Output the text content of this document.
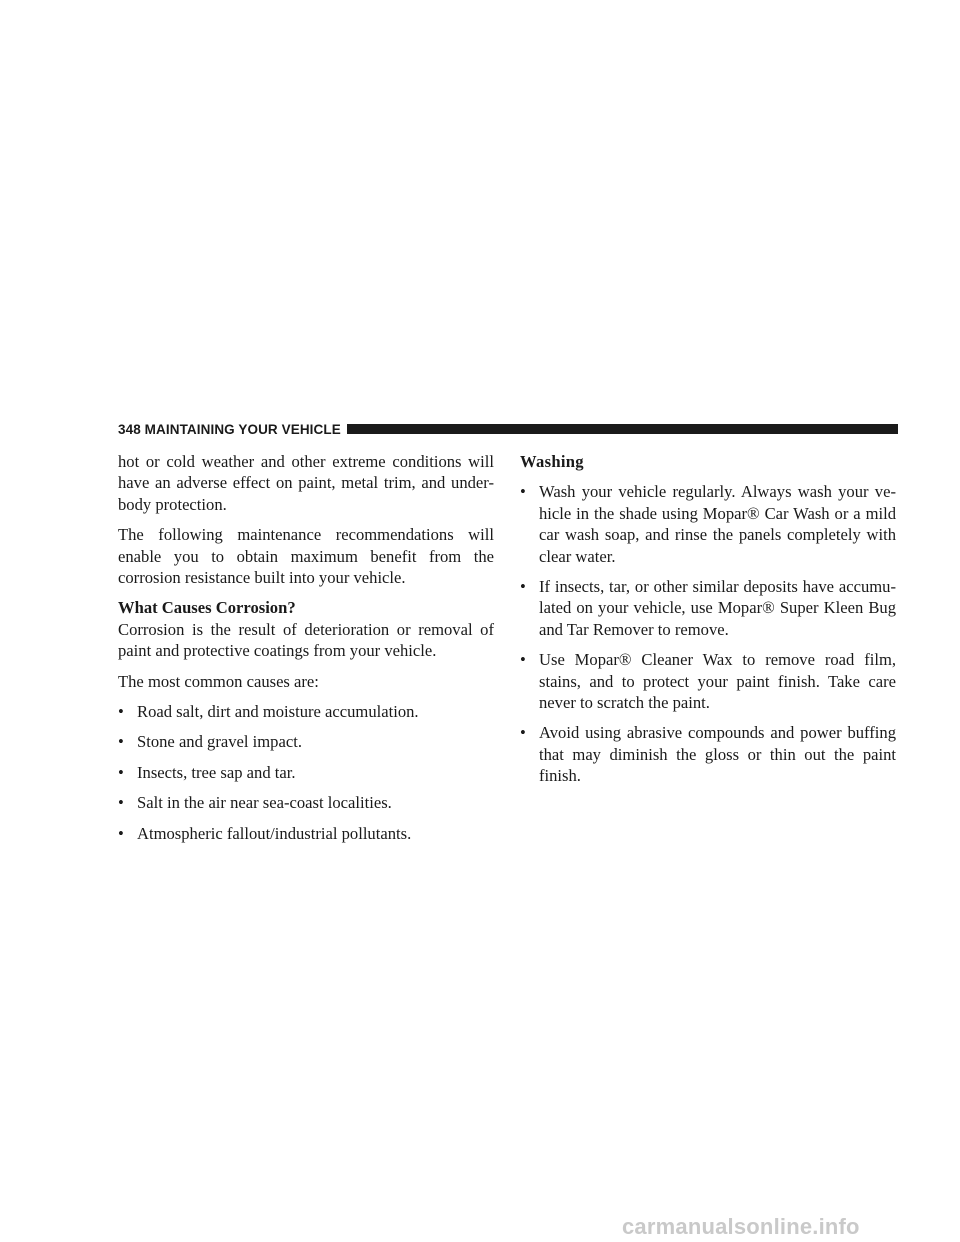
348 MAINTAINING YOUR VEHICLE

hot or cold weather and other extreme conditions will have an adverse effect on paint, metal trim, and under-body protection.

The following maintenance recommendations will enable you to obtain maximum benefit from the corrosion resistance built into your vehicle.

What Causes Corrosion?

Corrosion is the result of deterioration or removal of paint and protective coatings from your vehicle.

The most common causes are:

• Road salt, dirt and moisture accumulation.
• Stone and gravel impact.
• Insects, tree sap and tar.
• Salt in the air near sea-coast localities.
• Atmospheric fallout/industrial pollutants.
Washing
• Wash your vehicle regularly. Always wash your ve-hicle in the shade using Mopar® Car Wash or a mild car wash soap, and rinse the panels completely with clear water.
• If insects, tar, or other similar deposits have accumu-lated on your vehicle, use Mopar® Super Kleen Bug and Tar Remover to remove.
• Use Mopar® Cleaner Wax to remove road film, stains, and to protect your paint finish. Take care never to scratch the paint.
• Avoid using abrasive compounds and power buffing that may diminish the gloss or thin out the paint finish.
carmanualsonline.info
